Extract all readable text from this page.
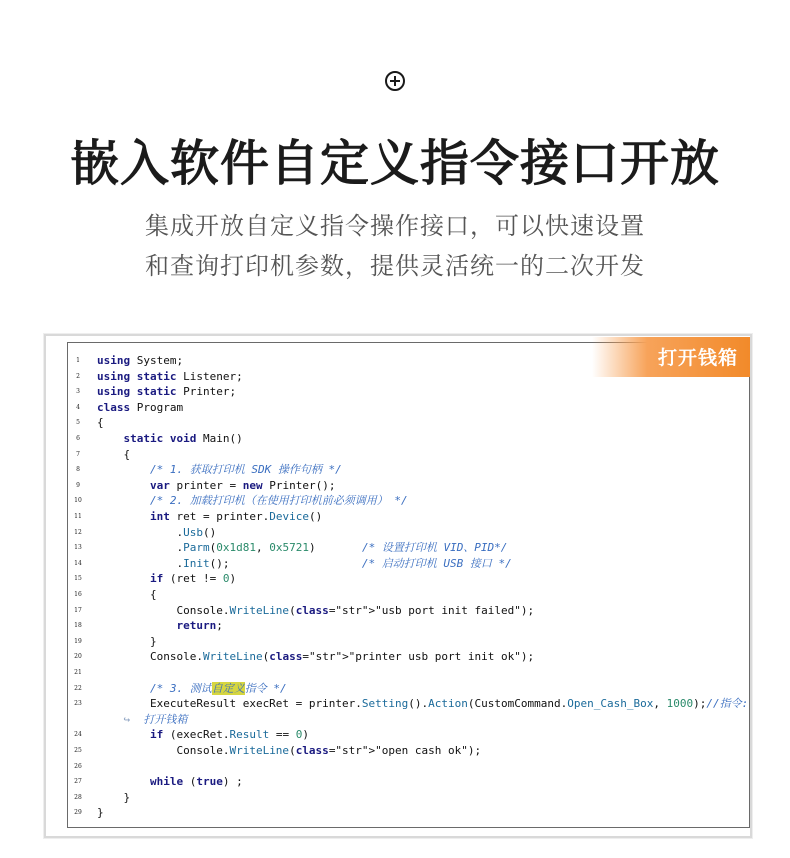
嵌入软件自定义指令接口开放
集成开放自定义指令操作接口，可以快速设置
和查询打印机参数，提供灵活统一的二次开发
1
2
3
4
5
6
7
8
9
10
11
12
13
14
15
16
17
18
19
20
21
22
23
24
25
26
27
28
29
using System;
using static Listener;
using static Printer;
class Program
{
static void Main()
{
/* 1. 获取打印机 SDK 操作句柄 */
var printer = new Printer();
/* 2. 加载打印机（在使用打印机前必须调用） */
int ret = printer.Device()
.Usb()
.Parm(0x1d81, 0x5721)       /* 设置打印机 VID、PID*/
.Init();                    /* 启动打印机 USB 接口 */
if (ret != 0)
{
Console.WriteLine(class="str">"usb port init failed");
return;
}
Console.WriteLine(class="str">"printer usb port init ok");
/* 3. 测试自定义指令 */
ExecuteResult execRet = printer.Setting().Action(CustomCommand.Open_Cash_Box, 1000);//指令:
↪  打开钱箱
if (execRet.Result == 0)
Console.WriteLine(class="str">"open cash ok");
while (true) ;
}
}
打开钱箱
